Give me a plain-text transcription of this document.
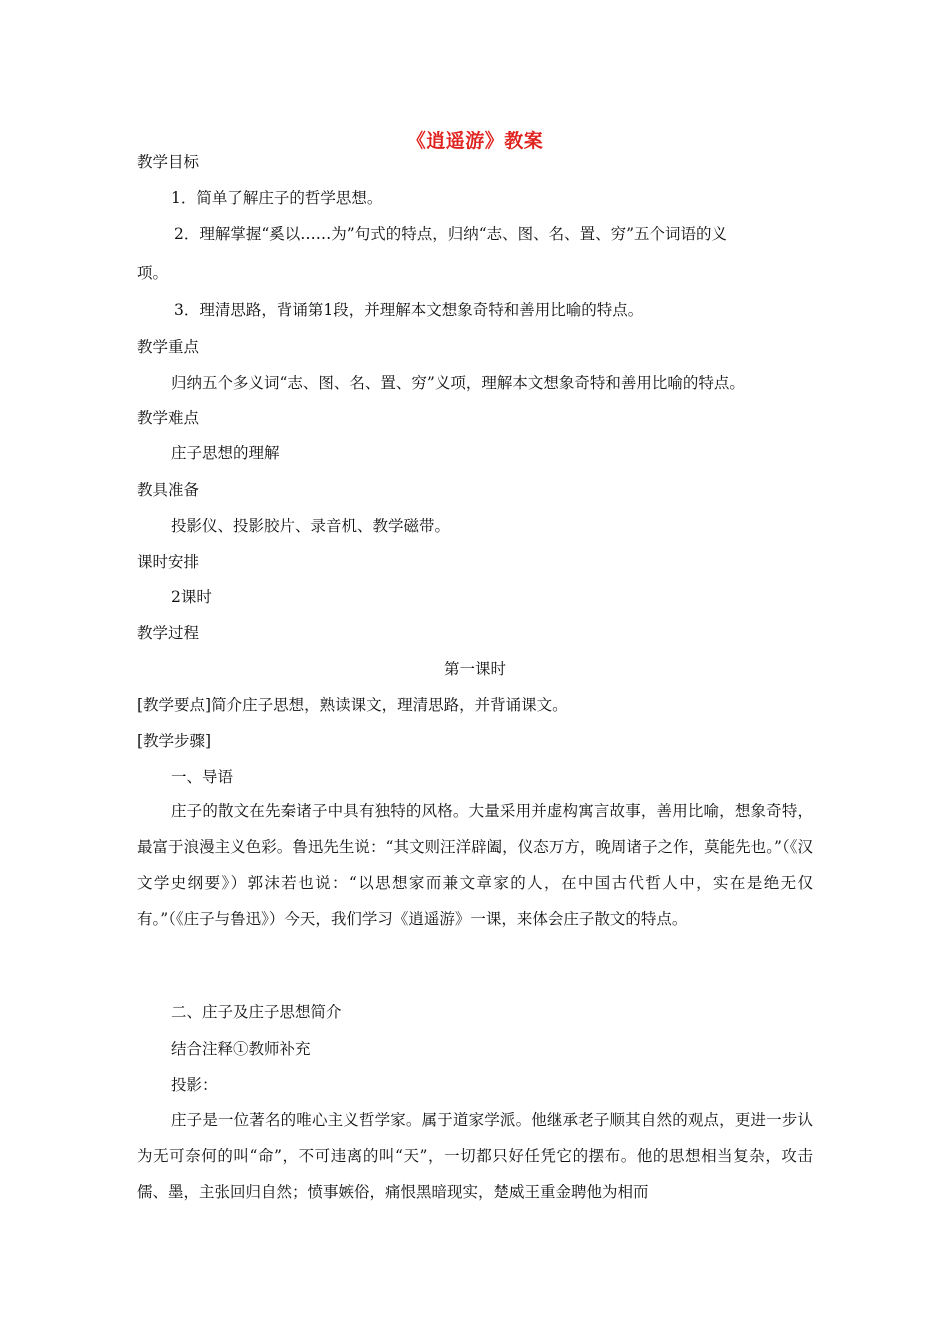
《逍遥游》教案
教学目标
1．简单了解庄子的哲学思想。
2．理解掌握“奚以……为”句式的特点，归纳“志、图、名、置、穷”五个词语的义
项。
3．理清思路，背诵第1段，并理解本文想象奇特和善用比喻的特点。
教学重点
归纳五个多义词“志、图、名、置、穷”义项，理解本文想象奇特和善用比喻的特点。
教学难点
庄子思想的理解
教具准备
投影仪、投影胶片、录音机、教学磁带。
课时安排
2课时
教学过程
第一课时
[教学要点]简介庄子思想，熟读课文，理清思路，并背诵课文。
[教学步骤]
一、导语

庄子的散文在先秦诸子中具有独特的风格。大量采用并虚构寓言故事，善用比喻，想象奇特，最富于浪漫主义色彩。鲁迅先生说：“其文则汪洋辟阖，仪态万方，晚周诸子之作，莫能先也。”（《汉文学史纲要》）郭沫若也说：“以思想家而兼文章家的人，在中国古代哲人中，实在是绝无仅有。”（《庄子与鲁迅》）今天，我们学习《逍遥游》一课，来体会庄子散文的特点。

二、庄子及庄子思想简介
结合注释①教师补充
投影：

庄子是一位著名的唯心主义哲学家。属于道家学派。他继承老子顺其自然的观点，更进一步认为无可奈何的叫“命”，不可违离的叫“天”，一切都只好任凭它的摆布。他的思想相当复杂，攻击儒、墨，主张回归自然；愤事嫉俗，痛恨黑暗现实，楚威王重金聘他为相而
